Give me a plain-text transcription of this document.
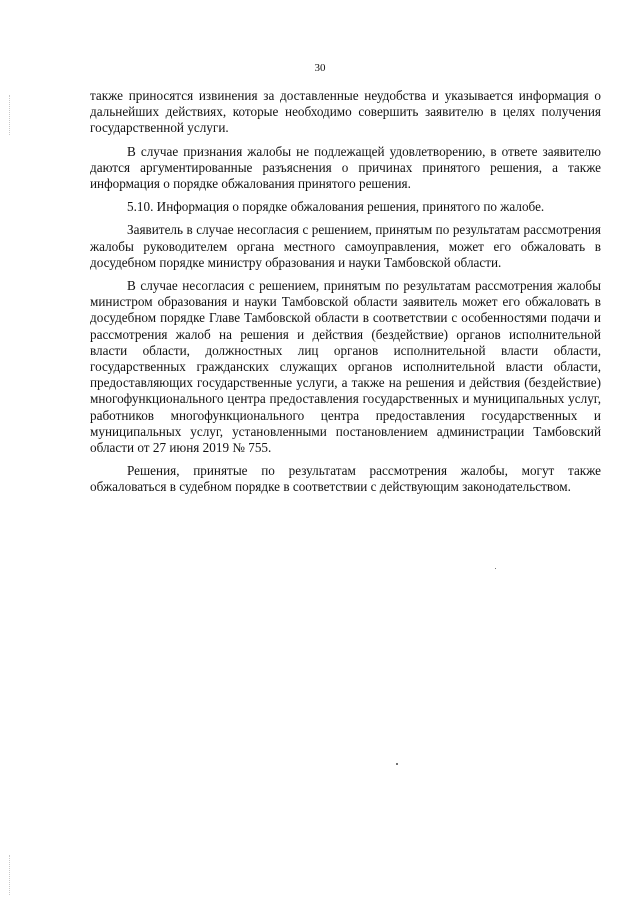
30

также приносятся извинения за доставленные неудобства и указывается информация о дальнейших действиях, которые необходимо совершить заявителю в целях получения государственной услуги.

В случае признания жалобы не подлежащей удовлетворению, в ответе заявителю даются аргументированные разъяснения о причинах принятого решения, а также информация о порядке обжалования принятого решения.

5.10. Информация о порядке обжалования решения, принятого по жалобе.

Заявитель в случае несогласия с решением, принятым по результатам рассмотрения жалобы руководителем органа местного самоуправления, может его обжаловать в досудебном порядке министру образования и науки Тамбовской области.

В случае несогласия с решением, принятым по результатам рассмотрения жалобы министром образования и науки Тамбовской области заявитель может его обжаловать в досудебном порядке Главе Тамбовской области в соответствии с особенностями подачи и рассмотрения жалоб на решения и действия (бездействие) органов исполнительной власти области, должностных лиц органов исполнительной власти области, государственных гражданских служащих органов исполнительной власти области, предоставляющих государственные услуги, а также на решения и действия (бездействие) многофункционального центра предоставления государственных и муниципальных услуг, работников многофункционального центра предоставления государственных и муниципальных услуг, установленными постановлением администрации Тамбовский области от 27 июня 2019 № 755.

Решения, принятые по результатам рассмотрения жалобы, могут также обжаловаться в судебном порядке в соответствии с действующим законодательством.
